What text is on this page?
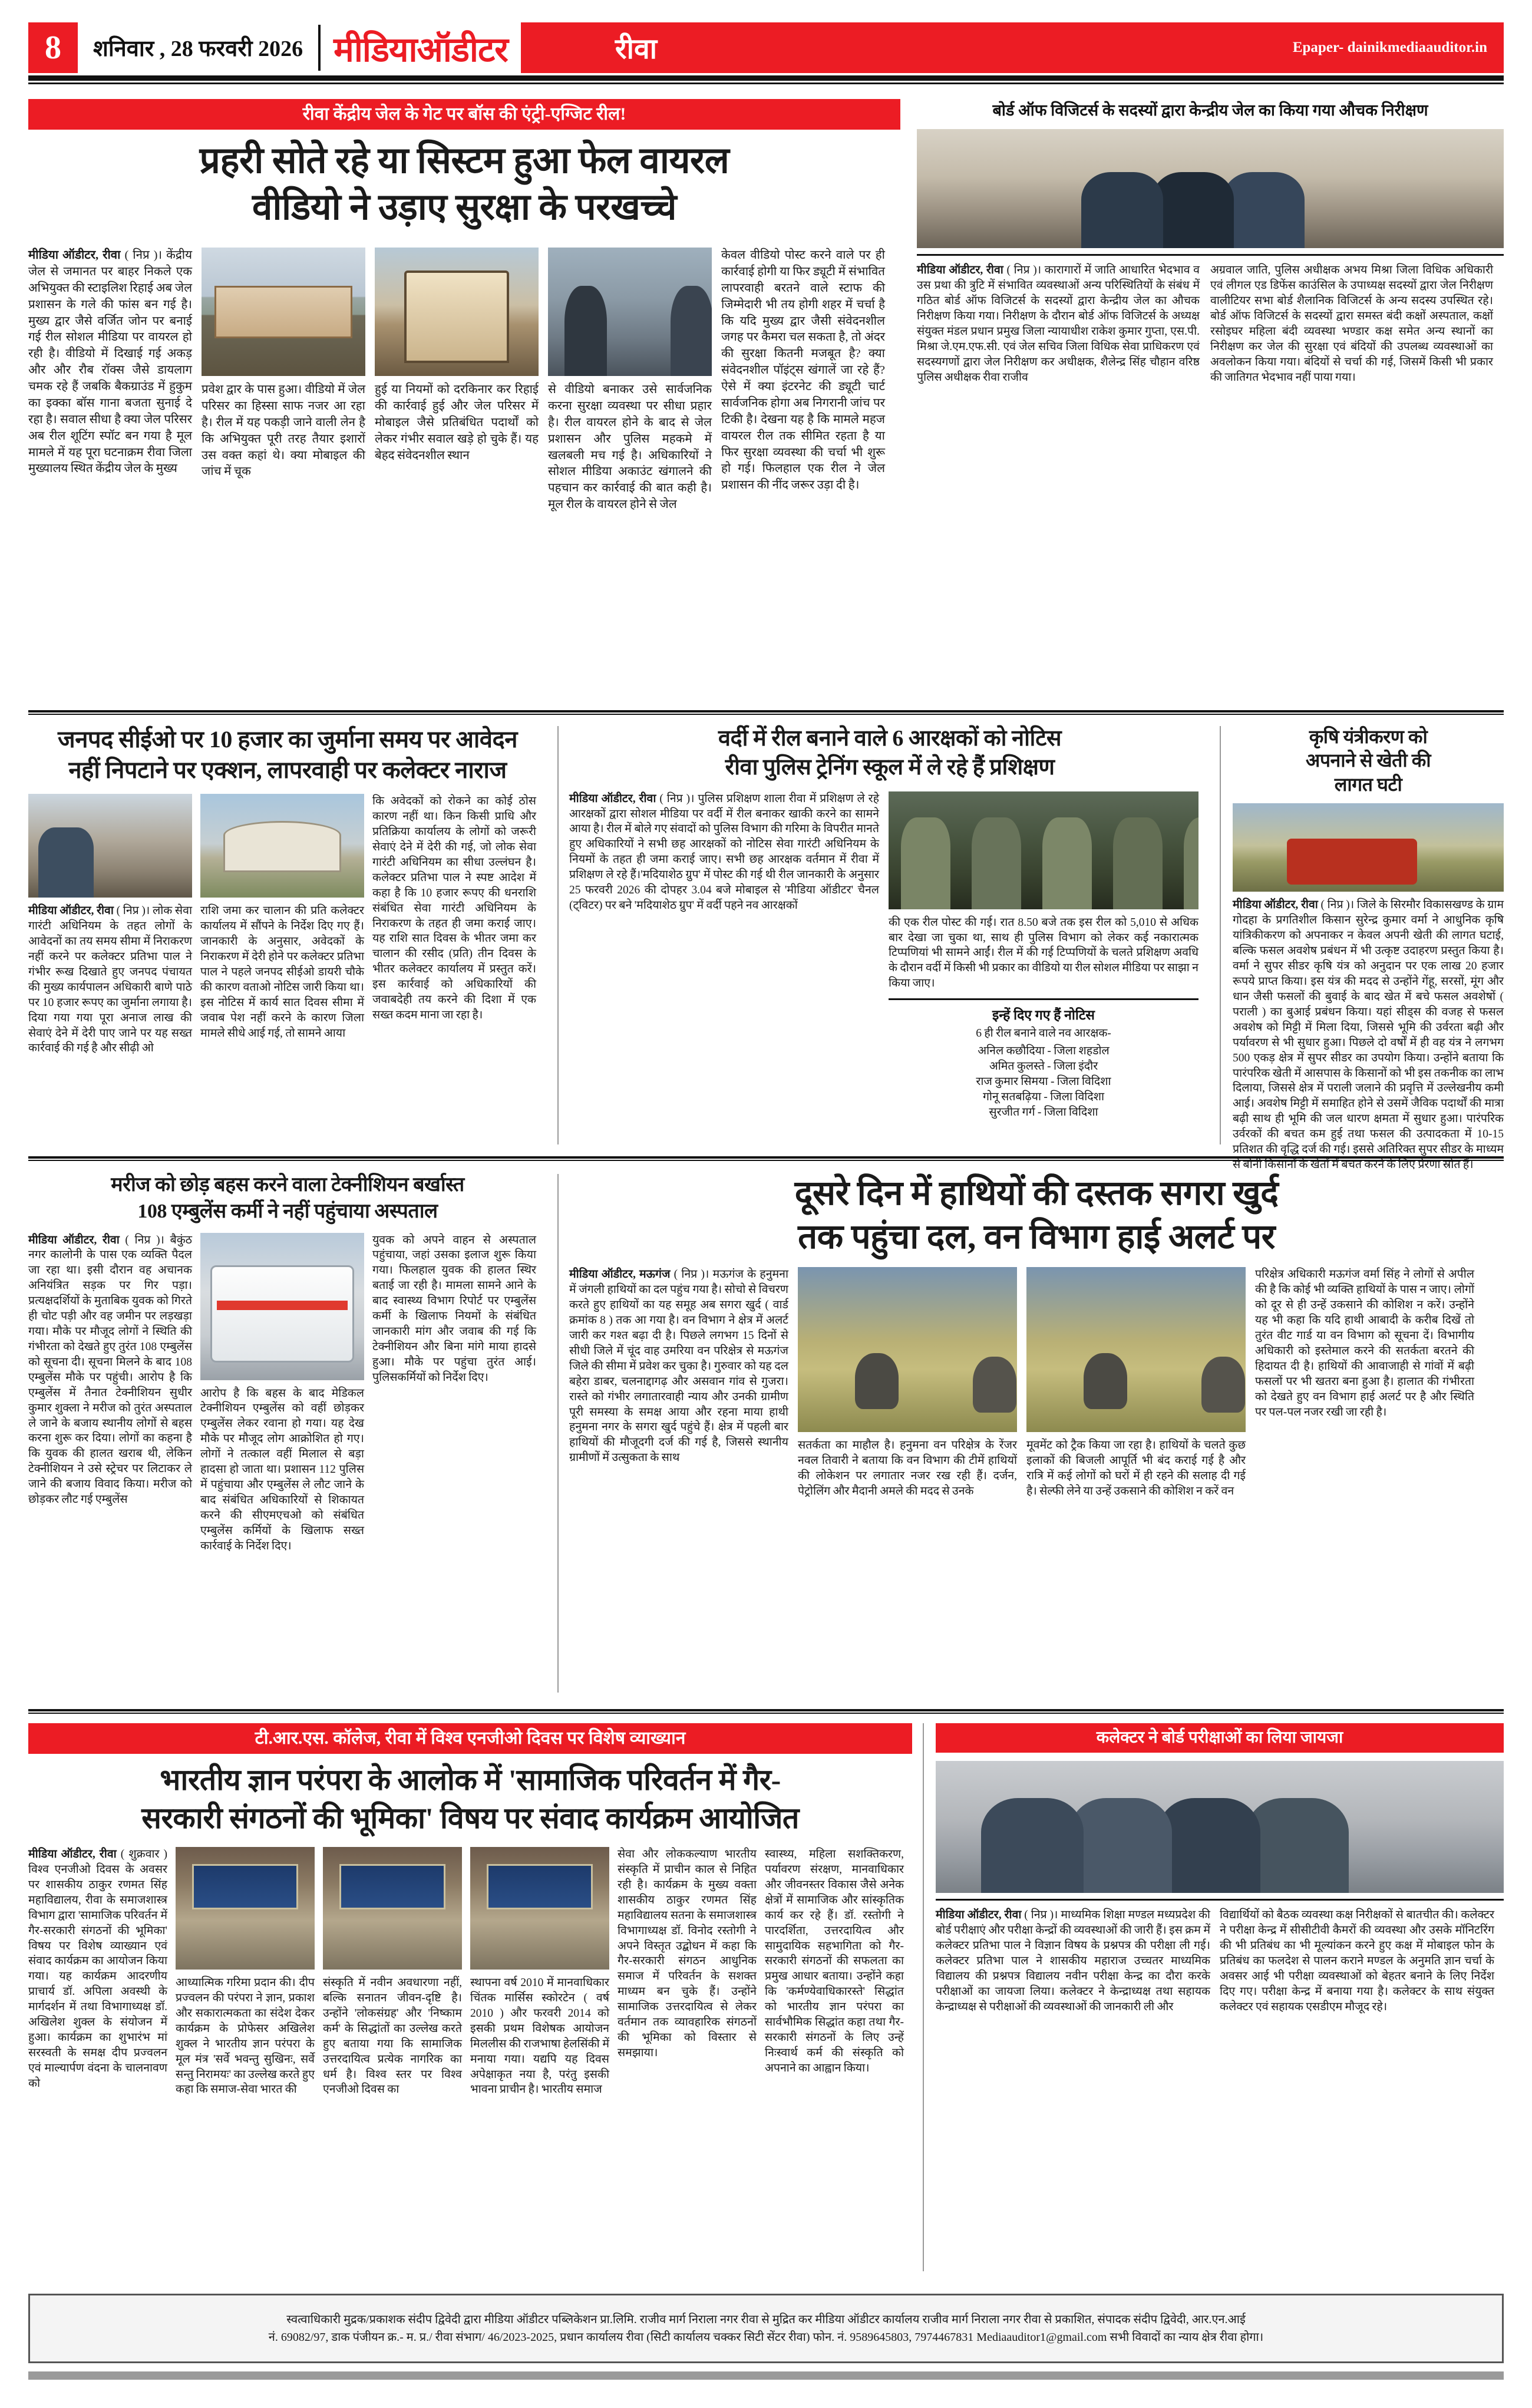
8	शनिवार , 28 फरवरी 2026 मीडियाऑडीटर	रीवा	Epaper- dainikmediaauditor.in
रीवा केंद्रीय जेल के गेट पर बॉस की एंट्री-एग्जिट रील!
प्रहरी सोते रहे या सिस्टम हुआ फेल वायरल
वीडियो ने उड़ाए सुरक्षा के परखच्चे
मीडिया ऑडीटर, रीवा ( निप्र )। केंद्रीय जेल से जमानत पर बाहर निकले एक अभियुक्त की स्टाइलिश रिहाई अब जेल प्रशासन के गले की फांस बन गई है। मुख्य द्वार जैसे वर्जित जोन पर बनाई गई रील सोशल मीडिया पर वायरल हो रही है। वीडियो में दिखाई गई अकड़ और और रौब रॉक्स जैसे डायलाग चमक रहे हैं जबकि बैकग्राउंड में हुकुम का इक्का बॉस गाना बजता सुनाई दे रहा है। सवाल सीधा है क्या जेल परिसर अब रील शूटिंग स्पॉट बन गया है मूल मामले में यह पूरा घटनाक्रम रीवा जिला मुख्यालय स्थित केंद्रीय जेल के मुख्य
प्रवेश द्वार के पास हुआ। वीडियो में जेल परिसर का हिस्सा साफ नजर आ रहा है। रील में यह पकड़ी जाने वाली लेन है कि अभियुक्त पूरी तरह तैयार इशारों उस वक्त कहां थे। क्या मोबाइल की जांच में चूक
हुई या नियमों को दरकिनार कर रिहाई की कार्रवाई हुई और जेल परिसर में मोबाइल जैसे प्रतिबंधित पदार्थों को लेकर गंभीर सवाल खड़े हो चुके हैं। यह बेहद संवेदनशील स्थान
से वीडियो बनाकर उसे सार्वजनिक करना सुरक्षा व्यवस्था पर सीधा प्रहार है। रील वायरल होने के बाद से जेल प्रशासन और पुलिस महकमे में खलबली मच गई है। अधिकारियों ने सोशल मीडिया अकाउंट खंगालने की पहचान कर कार्रवाई की बात कही है। मूल रील के वायरल होने से जेल
केवल वीडियो पोस्ट करने वाले पर ही कार्रवाई होगी या फिर ड्यूटी में संभावित लापरवाही बरतने वाले स्टाफ की जिम्मेदारी भी तय होगी शहर में चर्चा है कि यदि मुख्य द्वार जैसी संवेदनशील जगह पर कैमरा चल सकता है, तो अंदर की सुरक्षा कितनी मजबूत है? क्या संवेदनशील पॉइंट्स खंगालें जा रहे हैं? ऐसे में क्या इंटरनेट की ड्यूटी चार्ट सार्वजनिक होगा अब निगरानी जांच पर टिकी है। देखना यह है कि मामले महज वायरल रील तक सीमित रहता है या फिर सुरक्षा व्यवस्था की चर्चा भी शुरू हो गई। फिलहाल एक रील ने जेल प्रशासन की नींद जरूर उड़ा दी है।
बोर्ड ऑफ विजिटर्स के सदस्यों द्वारा केन्द्रीय जेल का किया गया औचक निरीक्षण
मीडिया ऑडीटर, रीवा ( निप्र )। कारागारों में जाति आधारित भेदभाव व उस प्रथा की त्रुटि में संभावित व्यवस्थाओं अन्य परिस्थितियों के संबंध में गठित बोर्ड ऑफ विजिटर्स के सदस्यों द्वारा केन्द्रीय जेल का औचक निरीक्षण किया गया। निरीक्षण के दौरान बोर्ड ऑफ विजिटर्स के अध्यक्ष संयुक्त मंडल प्रधान प्रमुख जिला न्यायाधीश राकेश कुमार गुप्ता, एस.पी. मिश्रा जे.एम.एफ.सी. एवं जेल सचिव जिला विधिक सेवा प्राधिकरण एवं सदस्यगणों द्वारा जेल निरीक्षण कर अधीक्षक, शैलेन्द्र सिंह चौहान वरिष्ठ पुलिस अधीक्षक रीवा राजीव
अग्रवाल जाति, पुलिस अधीक्षक अभय मिश्रा जिला विधिक अधिकारी एवं लीगल एड डिफेंस काउंसिल के उपाध्यक्ष सदस्यों द्वारा जेल निरीक्षण वालीटियर सभा बोर्ड शैलानिक विजिटर्स के अन्य सदस्य उपस्थित रहे। बोर्ड ऑफ विजिटर्स के सदस्यों द्वारा समस्त बंदी कक्षों अस्पताल, कक्षों रसोइघर महिला बंदी व्यवस्था भण्डार कक्ष समेत अन्य स्थानों का निरीक्षण कर जेल की सुरक्षा एवं बंदियों की उपलब्ध व्यवस्थाओं का अवलोकन किया गया। बंदियों से चर्चा की गई, जिसमें किसी भी प्रकार की जातिगत भेदभाव नहीं पाया गया।
जनपद सीईओ पर 10 हजार का जुर्माना समय पर आवेदन
नहीं निपटाने पर एक्शन, लापरवाही पर कलेक्टर नाराज
मीडिया ऑडीटर, रीवा ( निप्र )। लोक सेवा गारंटी अधिनियम के तहत लोगों के आवेदनों का तय समय सीमा में निराकरण नहीं करने पर कलेक्टर प्रतिभा पाल ने गंभीर रूख दिखाते हुए जनपद पंचायत की मुख्य कार्यपालन अधिकारी बाणे पाठे पर 10 हजार रूपए का जुर्माना लगाया है। दिया गया गया पूरा अनाज लाख की सेवाएं देने में देरी पाए जाने पर यह सख्त कार्रवाई की गई है और सीढ़ी ओ
राशि जमा कर चालान की प्रति कलेक्टर कार्यालय में सौंपने के निर्देश दिए गए हैं। जानकारी के अनुसार, अवेदकों के निराकरण में देरी होने पर कलेक्टर प्रतिभा पाल ने पहले जनपद सीईओ डायरी चौके की कारण वताओ नोटिस जारी किया था। इस नोटिस में कार्य सात दिवस सीमा में जवाब पेश नहीं करने के कारण जिला मामले सीधे आई गई, तो सामने आया
कि अवेदकों को रोकने का कोई ठोस कारण नहीं था। किन किसी प्राधि और प्रतिक्रिया कार्यालय के लोगों को जरूरी सेवाएं देने में देरी की गई, जो लोक सेवा गारंटी अधिनियम का सीधा उल्लंघन है। कलेक्टर प्रतिभा पाल ने स्पष्ट आदेश में कहा है कि 10 हजार रूपए की धनराशि संबंधित सेवा गारंटी अधिनियम के निराकरण के तहत ही जमा कराई जाए। यह राशि सात दिवस के भीतर जमा कर चालान की रसीद (प्रति) तीन दिवस के भीतर कलेक्टर कार्यालय में प्रस्तुत करें। इस कार्रवाई को अधिकारियों की जवाबदेही तय करने की दिशा में एक सख्त कदम माना जा रहा है।
वर्दी में रील बनाने वाले 6 आरक्षकों को नोटिस
रीवा पुलिस ट्रेनिंग स्कूल में ले रहे हैं प्रशिक्षण
मीडिया ऑडीटर, रीवा ( निप्र )। पुलिस प्रशिक्षण शाला रीवा में प्रशिक्षण ले रहे आरक्षकों द्वारा सोशल मीडिया पर वर्दी में रील बनाकर खाकी करने का सामने आया है। रील में बोले गए संवादों को पुलिस विभाग की गरिमा के विपरीत मानते हुए अधिकारियों ने सभी छह आरक्षकों को नोटिस सेवा गारंटी अधिनियम के नियमों के तहत ही जमा कराई जाए। सभी छह आरक्षक वर्तमान में रीवा में प्रशिक्षण ले रहे हैं।'मदियाशेठ ग्रुप' में पोस्ट की गई थी रील जानकारी के अनुसार 25 फरवरी 2026 की दोपहर 3.04 बजे मोबाइल से 'मीडिया ऑडीटर' चैनल (ट्विटर) पर बने 'मदियाशेठ ग्रुप' में वर्दी पहने नव आरक्षकों
की एक रील पोस्ट की गई। रात 8.50 बजे तक इस रील को 5,010 से अधिक बार देखा जा चुका था, साथ ही पुलिस विभाग को लेकर कई नकारात्मक टिप्पणियां भी सामने आईं। रील में की गई टिप्पणियों के चलते प्रशिक्षण अवधि के दौरान वर्दी में किसी भी प्रकार का वीडियो या रील सोशल मीडिया पर साझा न किया जाए।
इन्हें दिए गए हैं नोटिस
6 ही रील बनाने वाले नव आरक्षक-
अनिल कछौदिया - जिला शहडोल
अमित कुलस्ते - जिला इंदौर
राज कुमार सिमया - जिला विदिशा
गोनू सतबढ़िया - जिला विदिशा
सुरजीत गर्ग - जिला विदिशा
कृषि यंत्रीकरण को
अपनाने से खेती की
लागत घटी
मीडिया ऑडीटर, रीवा ( निप्र )। जिले के सिरमौर विकासखण्ड के ग्राम गोदहा के प्रगतिशील किसान सुरेन्द्र कुमार वर्मा ने आधुनिक कृषि यांत्रिकीकरण को अपनाकर न केवल अपनी खेती की लागत घटाई, बल्कि फसल अवशेष प्रबंधन में भी उत्कृष्ट उदाहरण प्रस्तुत किया है। वर्मा ने सुपर सीडर कृषि यंत्र को अनुदान पर एक लाख 20 हजार रूपये प्राप्त किया। इस यंत्र की मदद से उन्होंने गेंहू, सरसों, मूंग और धान जैसी फसलों की बुवाई के बाद खेत में बचे फसल अवशेषों ( पराली ) का बुआई प्रबंधन किया। यहां सीड्स की वजह से फसल अवशेष को मिट्टी में मिला दिया, जिससे भूमि की उर्वरता बढ़ी और पर्यावरण से भी सुधार हुआ। पिछले दो वर्षों में ही वह यंत्र ने लगभग 500 एकड़ क्षेत्र में सुपर सीडर का उपयोग किया। उन्होंने बताया कि पारंपरिक खेती में आसपास के किसानों को भी इस तकनीक का लाभ दिलाया, जिससे क्षेत्र में पराली जलाने की प्रवृत्ति में उल्लेखनीय कमी आई। अवशेष मिट्टी में समाहित होने से उसमें जैविक पदार्थों की मात्रा बढ़ी साथ ही भूमि की जल धारण क्षमता में सुधार हुआ। पारंपरिक उर्वरकों की बचत कम हुई तथा फसल की उत्पादकता में 10-15 प्रतिशत की वृद्धि दर्ज की गई। इससे अतिरिक्त सुपर सीडर के माध्यम से बोनी किसानों के खेतों में बचत करने के लिए प्रेरणा स्रोत हैं।
मरीज को छोड़ बहस करने वाला टेक्नीशियन बर्खास्त
108 एम्बुलेंस कर्मी ने नहीं पहुंचाया अस्पताल
मीडिया ऑडीटर, रीवा ( निप्र )। बैकुंठ नगर कालोनी के पास एक व्यक्ति पैदल जा रहा था। इसी दौरान वह अचानक अनियंत्रित सड़क पर गिर पड़ा। प्रत्यक्षदर्शियों के मुताबिक युवक को गिरते ही चोट पड़ी और वह जमीन पर लड़खड़ा गया। मौके पर मौजूद लोगों ने स्थिति की गंभीरता को देखते हुए तुरंत 108 एम्बुलेंस को सूचना दी। सूचना मिलने के बाद 108 एम्बुलेंस मौके पर पहुंची। आरोप है कि एम्बुलेंस में तैनात टेक्नीशियन सुधीर कुमार शुक्ला ने मरीज को तुरंत अस्पताल ले जाने के बजाय स्थानीय लोगों से बहस करना शुरू कर दिया। लोगों का कहना है कि युवक की हालत खराब थी, लेकिन टेक्नीशियन ने उसे स्ट्रेचर पर लिटाकर ले जाने की बजाय विवाद किया। मरीज को छोड़कर लौट गई एम्बुलेंस
आरोप है कि बहस के बाद मेडिकल टेक्नीशियन एम्बुलेंस को वहीं छोड़कर एम्बुलेंस लेकर रवाना हो गया। यह देख मौके पर मौजूद लोग आक्रोशित हो गए। लोगों ने तत्काल वहीं मिलाल से बड़ा हादसा हो जाता था। प्रशासन 112 पुलिस में पहुंचाया और एम्बुलेंस ले लौट जाने के बाद संबंधित अधिकारियों से शिकायत करने की सीएमएचओ को संबंधित एम्बुलेंस कर्मियों के खिलाफ सख्त कार्रवाई के निर्देश दिए।
युवक को अपने वाहन से अस्पताल पहुंचाया, जहां उसका इलाज शुरू किया गया। फिलहाल युवक की हालत स्थिर बताई जा रही है। मामला सामने आने के बाद स्वास्थ्य विभाग रिपोर्ट पर एम्बुलेंस कर्मी के खिलाफ नियमों के संबंधित जानकारी मांग और जवाब की गई कि टेक्नीशियन और बिना मांगे माया हादसे हुआ। मौके पर पहुंचा तुरंत आई। पुलिसकर्मियों को निर्देश दिए।
दूसरे दिन में हाथियों की दस्तक सगरा खुर्द
तक पहुंचा दल, वन विभाग हाई अलर्ट पर
मीडिया ऑडीटर, मऊगंज ( निप्र )। मऊगंज के हनुमना में जंगली हाथियों का दल पहुंच गया है। सोचो से विचरण करते हुए हाथियों का यह समूह अब सगरा खुर्द ( वार्ड क्रमांक 8 ) तक आ गया है। वन विभाग ने क्षेत्र में अलर्ट जारी कर गश्त बढ़ा दी है। पिछले लगभग 15 दिनों से सीधी जिले में चूंद वाह उमरिया वन परिक्षेत्र से मऊगंज जिले की सीमा में प्रवेश कर चुका है। गुरुवार को यह दल बहेरा डाबर, चलनाद्दागढ़ और असवान गांव से गुजरा। रास्ते को गंभीर लगातारवाही न्याय और उनकी ग्रामीण पूरी समस्या के समक्ष आया और रहना माया हाथी हनुमना नगर के सगरा खुर्द पहुंचे हैं। क्षेत्र में पहली बार हाथियों की मौजूदगी दर्ज की गई है, जिससे स्थानीय ग्रामीणों में उत्सुकता के साथ
सतर्कता का माहौल है। हनुमना वन परिक्षेत्र के रेंजर नवल तिवारी ने बताया कि वन विभाग की टीमें हाथियों की लोकेशन पर लगातार नजर रख रही हैं। दर्जन, पेट्रोलिंग और मैदानी अमले की मदद से उनके
मूवमेंट को ट्रैक किया जा रहा है। हाथियों के चलते कुछ इलाकों की बिजली आपूर्ति भी बंद कराई गई है और रात्रि में कई लोगों को घरों में ही रहने की सलाह दी गई है। सेल्फी लेने या उन्हें उकसाने की कोशिश न करें वन
परिक्षेत्र अधिकारी मऊगंज वर्मा सिंह ने लोगों से अपील की है कि कोई भी व्यक्ति हाथियों के पास न जाए। लोगों को दूर से ही उन्हें उकसाने की कोशिश न करें। उन्होंने यह भी कहा कि यदि हाथी आबादी के करीब दिखें तो तुरंत वीट गार्ड या वन विभाग को सूचना दें। विभागीय अधिकारी को इस्तेमाल करने की सतर्कता बरतने की हिदायत दी है। हाथियों की आवाजाही से गांवों में बढ़ी फसलों पर भी खतरा बना हुआ है। हालात की गंभीरता को देखते हुए वन विभाग हाई अलर्ट पर है और स्थिति पर पल-पल नजर रखी जा रही है।
टी.आर.एस. कॉलेज, रीवा में विश्व एनजीओ दिवस पर विशेष व्याख्यान
भारतीय ज्ञान परंपरा के आलोक में 'सामाजिक परिवर्तन में गैर-
सरकारी संगठनों की भूमिका' विषय पर संवाद कार्यक्रम आयोजित
मीडिया ऑडीटर, रीवा ( शुक्रवार ) विश्व एनजीओ दिवस के अवसर पर शासकीय ठाकुर रणमत सिंह महाविद्यालय, रीवा के समाजशास्त्र विभाग द्वारा 'सामाजिक परिवर्तन में गैर-सरकारी संगठनों की भूमिका' विषय पर विशेष व्याख्यान एवं संवाद कार्यक्रम का आयोजन किया गया। यह कार्यक्रम आदरणीय प्राचार्य डॉ. अपिला अवस्थी के मार्गदर्शन में तथा विभागाध्यक्ष डॉ. अखिलेश शुक्ल के संयोजन में हुआ। कार्यक्रम का शुभारंभ मां सरस्वती के समक्ष दीप प्रज्वलन एवं माल्यार्पण वंदना के चालनावण को
आध्यात्मिक गरिमा प्रदान की। दीप प्रज्वलन की परंपरा ने ज्ञान, प्रकाश और सकारात्मकता का संदेश देकर कार्यक्रम के प्रोफेसर अखिलेश शुक्ल ने भारतीय ज्ञान परंपरा के मूल मंत्र 'सर्वे भवन्तु सुखिनः, सर्वे सन्तु निरामयः' का उल्लेख करते हुए कहा कि समाज-सेवा भारत की
संस्कृति में नवीन अवधारणा नहीं, बल्कि सनातन जीवन-दृष्टि है। उन्होंने 'लोकसंग्रह' और 'निष्काम कर्म' के सिद्धांतों का उल्लेख करते हुए बताया गया कि सामाजिक उत्तरदायित्व प्रत्येक नागरिक का धर्म है। विश्व स्तर पर विश्व एनजीओ दिवस का
स्थापना वर्ष 2010 में मानवाधिकार चिंतक मार्सिस स्कोरटेन ( वर्ष 2010 ) और फरवरी 2014 को इसकी प्रथम विशेषक आयोजन मिललीस की राजभाषा हेलसिंकी में मनाया गया। यद्यपि यह दिवस अपेक्षाकृत नया है, परंतु इसकी भावना प्राचीन है। भारतीय समाज
सेवा और लोककल्याण भारतीय संस्कृति में प्राचीन काल से निहित रही है। कार्यक्रम के मुख्य वक्ता शासकीय ठाकुर रणमत सिंह महाविद्यालय सतना के समाजशास्त्र विभागाध्यक्ष डॉ. विनोद रस्तोगी ने अपने विस्तृत उद्बोधन में कहा कि गैर-सरकारी संगठन आधुनिक समाज में परिवर्तन के सशक्त माध्यम बन चुके हैं। उन्होंने सामाजिक उत्तरदायित्व से लेकर वर्तमान तक व्यावहारिक संगठनों की भूमिका को विस्तार से समझाया।
स्वास्थ्य, महिला सशक्तिकरण, पर्यावरण संरक्षण, मानवाधिकार और जीवनस्तर विकास जैसे अनेक क्षेत्रों में सामाजिक और सांस्कृतिक कार्य कर रहे हैं। डॉ. रस्तोगी ने पारदर्शिता, उत्तरदायित्व और सामुदायिक सहभागिता को गैर-सरकारी संगठनों की सफलता का प्रमुख आधार बताया। उन्होंने कहा कि 'कर्मण्येवाधिकारस्ते' सिद्धांत को भारतीय ज्ञान परंपरा का सार्वभौमिक सिद्धांत कहा तथा गैर-सरकारी संगठनों के लिए उन्हें निःस्वार्थ कर्म की संस्कृति को अपनाने का आह्वान किया।
कलेक्टर ने बोर्ड परीक्षाओं का लिया जायजा
मीडिया ऑडीटर, रीवा ( निप्र )। माध्यमिक शिक्षा मण्डल मध्यप्रदेश की बोर्ड परीक्षाएं और परीक्षा केन्द्रों की व्यवस्थाओं की जारी हैं। इस क्रम में कलेक्टर प्रतिभा पाल ने विज्ञान विषय के प्रश्नपत्र की परीक्षा ली गई। कलेक्टर प्रतिभा पाल ने शासकीय महाराज उच्चतर माध्यमिक विद्यालय की प्रश्नपत्र विद्यालय नवीन परीक्षा केन्द्र का दौरा करके परीक्षाओं का जायजा लिया। कलेक्टर ने केन्द्राध्यक्ष तथा सहायक केन्द्राध्यक्ष से परीक्षाओं की व्यवस्थाओं की जानकारी ली और
विद्यार्थियों को बैठक व्यवस्था कक्ष निरीक्षकों से बातचीत की। कलेक्टर ने परीक्षा केन्द्र में सीसीटीवी कैमरों की व्यवस्था और उसके मॉनिटरिंग की भी प्रतिबंध का भी मूल्यांकन करने हुए कक्ष में मोबाइल फोन के प्रतिबंध का फलदेश से पालन कराने मण्डल के अनुमति ज्ञान चर्चा के अवसर आई भी परीक्षा व्यवस्थाओं को बेहतर बनाने के लिए निर्देश दिए गए। परीक्षा केन्द्र में बनाया गया है। कलेक्टर के साथ संयुक्त कलेक्टर एवं सहायक एसडीएम मौजूद रहे।
स्वत्वाधिकारी मुद्रक/प्रकाशक संदीप द्विवेदी द्वारा मीडिया ऑडीटर पब्लिकेशन प्रा.लिमि. राजीव मार्ग निराला नगर रीवा से मुद्रित कर मीडिया ऑडीटर कार्यालय राजीव मार्ग निराला नगर रीवा से प्रकाशित, संपादक संदीप द्विवेदी, आर.एन.आई
नं. 69082/97, डाक पंजीयन क्र.- म. प्र./ रीवा संभाग/ 46/2023-2025, प्रधान कार्यालय रीवा (सिटी कार्यालय चक्कर सिटी सेंटर रीवा) फोन. नं. 9589645803, 7974467831 Mediaauditor1@gmail.com सभी विवादों का न्याय क्षेत्र रीवा होगा।
